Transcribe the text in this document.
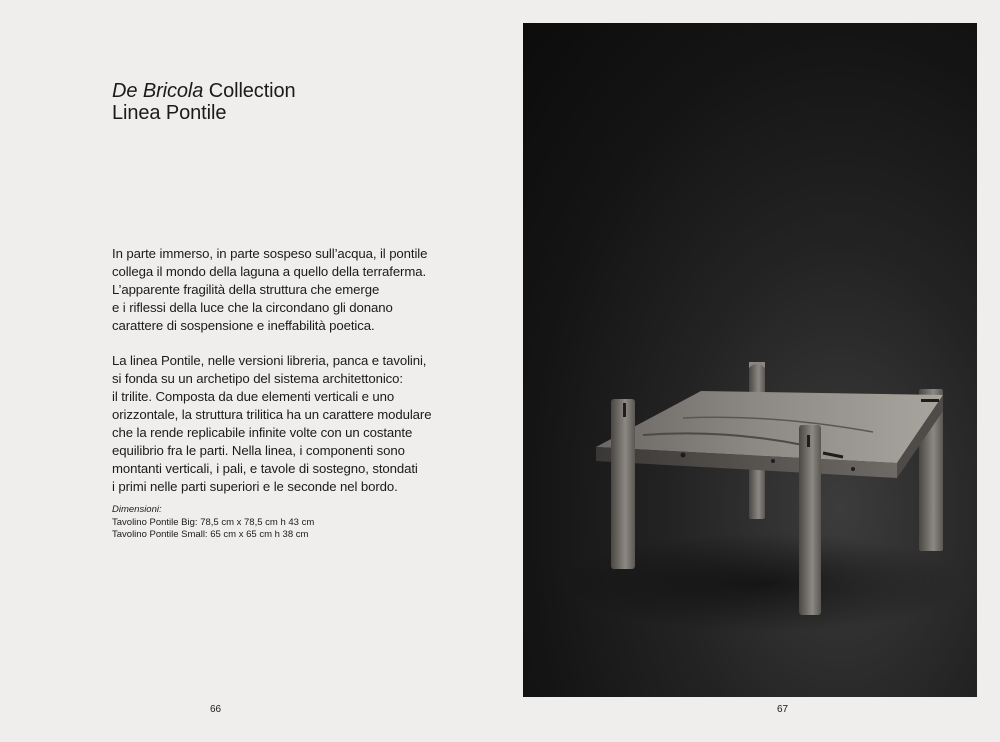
De Bricola Collection
Linea Pontile

In parte immerso, in parte sospeso sull’acqua, il pontile
collega il mondo della laguna a quello della terraferma.
L’apparente fragilità della struttura che emerge
e i riflessi della luce che la circondano gli donano
carattere di sospensione e ineffabilità poetica.

La linea Pontile, nelle versioni libreria, panca e tavolini,
si fonda su un archetipo del sistema architettonico:
il trilite. Composta da due elementi verticali e uno
orizzontale, la struttura trilitica ha un carattere modulare
che la rende replicabile infinite volte con un costante
equilibrio fra le parti. Nella linea, i componenti sono
montanti verticali, i pali, e tavole di sostegno, stondati
i primi nelle parti superiori e le seconde nel bordo.

Dimensioni:
Tavolino Pontile Big: 78,5 cm x 78,5 cm h 43 cm
Tavolino Pontile Small: 65 cm x 65 cm h 38 cm
66	67
